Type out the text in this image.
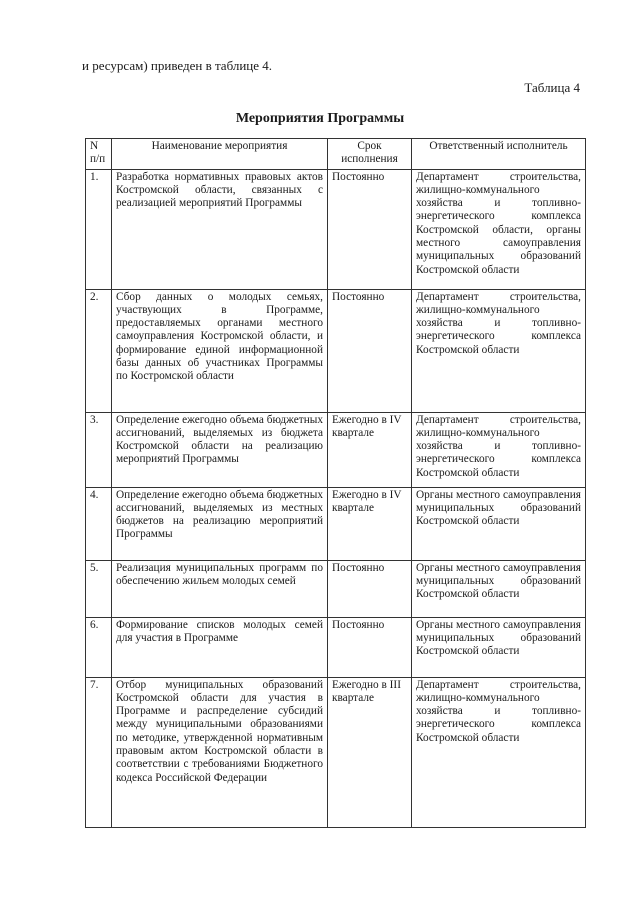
и ресурсам) приведен в таблице 4.
Таблица 4
Мероприятия Программы
N п/п	Наименование мероприятия	Срок исполнения	Ответственный исполнитель
1.	Разработка нормативных правовых актов Костромской области, связанных с реализацией мероприятий Программы	Постоянно	Департамент строительства, жилищно-коммунального хозяйства и топливно-энергетического комплекса Костромской области, органы местного самоуправления муниципальных образований Костромской области
2.	Сбор данных о молодых семьях, участвующих в Программе, предоставляемых органами местного самоуправления Костромской области, и формирование единой информационной базы данных об участниках Программы по Костромской области	Постоянно	Департамент строительства, жилищно-коммунального хозяйства и топливно-энергетического комплекса Костромской области
3.	Определение ежегодно объема бюджетных ассигнований, выделяемых из бюджета Костромской области на реализацию мероприятий Программы	Ежегодно в IV квартале	Департамент строительства, жилищно-коммунального хозяйства и топливно-энергетического комплекса Костромской области
4.	Определение ежегодно объема бюджетных ассигнований, выделяемых из местных бюджетов на реализацию мероприятий Программы	Ежегодно в IV квартале	Органы местного самоуправления муниципальных образований Костромской области
5.	Реализация муниципальных программ по обеспечению жильем молодых семей	Постоянно	Органы местного самоуправления муниципальных образований Костромской области
6.	Формирование списков молодых семей для участия в Программе	Постоянно	Органы местного самоуправления муниципальных образований Костромской области
7.	Отбор муниципальных образований Костромской области для участия в Программе и распределение субсидий между муниципальными образованиями по методике, утвержденной нормативным правовым актом Костромской области в соответствии с требованиями Бюджетного кодекса Российской Федерации	Ежегодно в III квартале	Департамент строительства, жилищно-коммунального хозяйства и топливно-энергетического комплекса Костромской области
